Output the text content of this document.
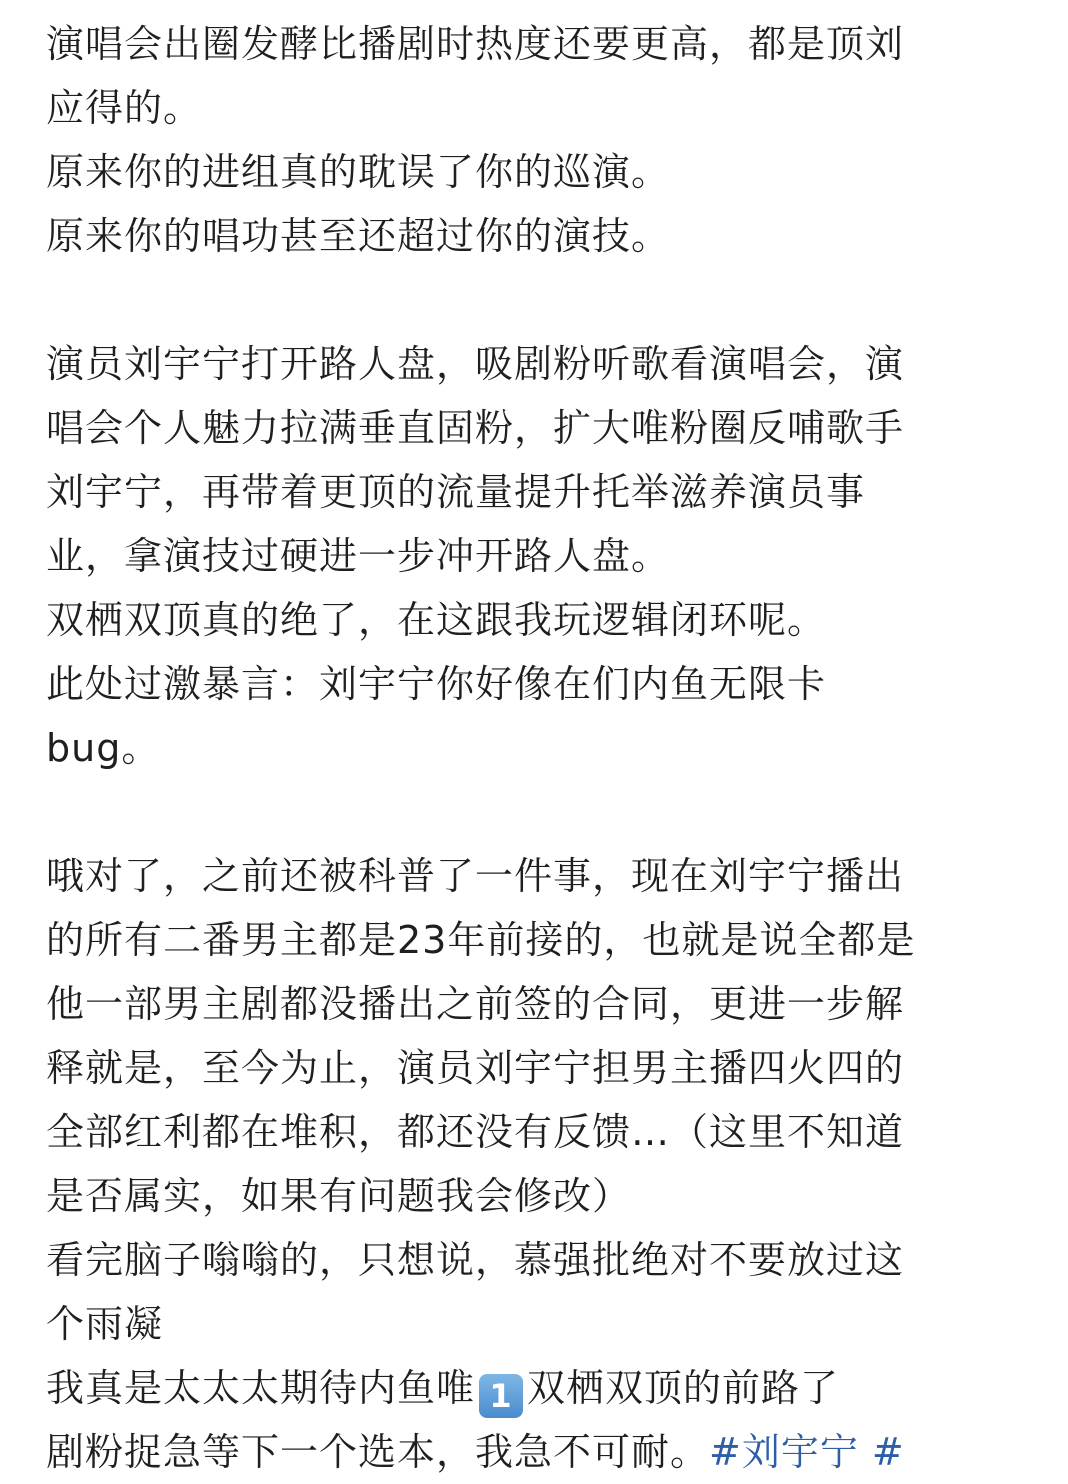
演唱会出圈发酵比播剧时热度还要更高，都是顶刘
应得的。
原来你的进组真的耽误了你的巡演。
原来你的唱功甚至还超过你的演技。
演员刘宇宁打开路人盘，吸剧粉听歌看演唱会，演
唱会个人魅力拉满垂直固粉，扩大唯粉圈反哺歌手
刘宇宁，再带着更顶的流量提升托举滋养演员事
业，拿演技过硬进一步冲开路人盘。
双栖双顶真的绝了，在这跟我玩逻辑闭环呢。
此处过激暴言：刘宇宁你好像在们内鱼无限卡
bug。
哦对了，之前还被科普了一件事，现在刘宇宁播出
的所有二番男主都是23年前接的，也就是说全都是
他一部男主剧都没播出之前签的合同，更进一步解
释就是，至今为止，演员刘宇宁担男主播四火四的
全部红利都在堆积，都还没有反馈…（这里不知道
是否属实，如果有问题我会修改）
看完脑子嗡嗡的，只想说，慕强批绝对不要放过这
个雨凝
我真是太太太期待内鱼唯 1 双栖双顶的前路了
剧粉捉急等下一个选本，我急不可耐。#刘宇宁 #
